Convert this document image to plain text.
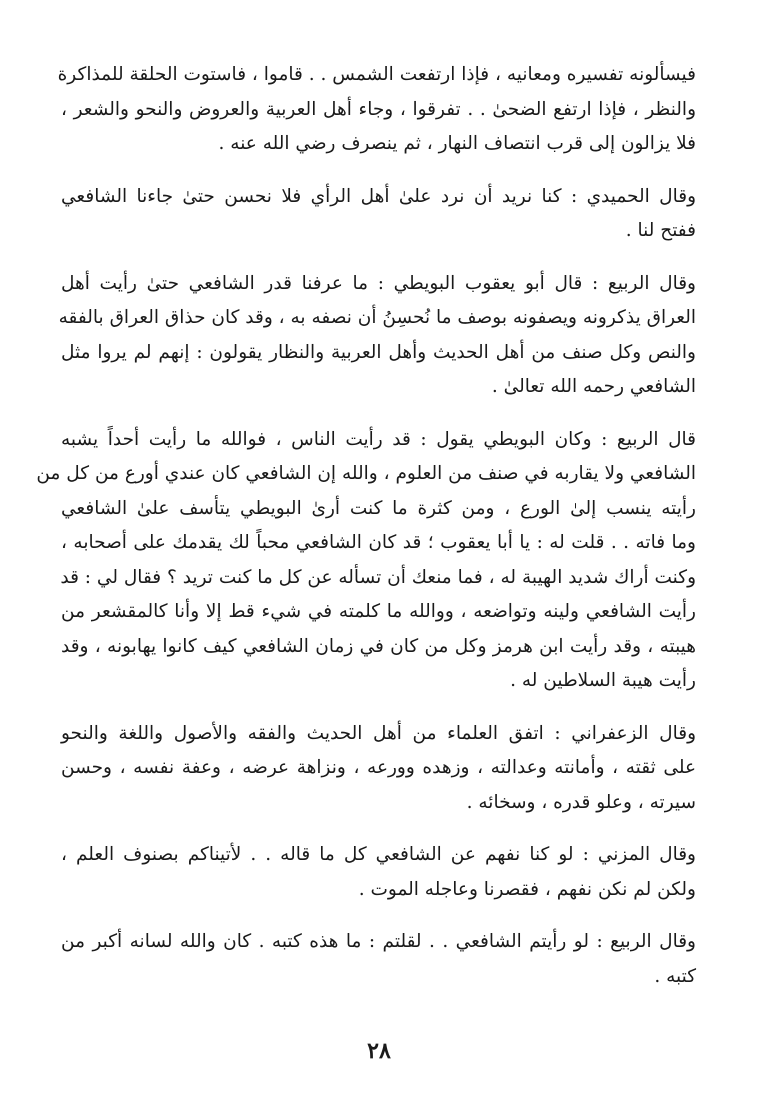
فيسألونه تفسيره ومعانيه ، فإذا ارتفعت الشمس . . قاموا ، فاستوت الحلقة للمذاكرة
والنظر ، فإذا ارتفع الضحىٰ . . تفرقوا ، وجاء أهل العربية والعروض والنحو والشعر ،
فلا يزالون إلى قرب انتصاف النهار ، ثم ينصرف رضي الله عنه .

وقال الحميدي : كنا نريد أن نرد علىٰ أهل الرأي فلا نحسن حتىٰ جاءنا الشافعي
ففتح لنا .

وقال الربيع : قال أبو يعقوب البويطي : ما عرفنا قدر الشافعي حتىٰ رأيت أهل
العراق يذكرونه ويصفونه بوصف ما نُحسِنُ أن نصفه به ، وقد كان حذاق العراق بالفقه
والنص وكل صنف من أهل الحديث وأهل العربية والنظار يقولون : إنهم لم يروا مثل
الشافعي رحمه الله تعالىٰ .

قال الربيع : وكان البويطي يقول : قد رأيت الناس ، فوالله ما رأيت أحداً يشبه
الشافعي ولا يقاربه في صنف من العلوم ، والله إن الشافعي كان عندي أورع من كل من
رأيته ينسب إلىٰ الورع ، ومن كثرة ما كنت أرىٰ البويطي يتأسف علىٰ الشافعي
وما فاته . . قلت له : يا أبا يعقوب ؛ قد كان الشافعي محباً لك يقدمك على أصحابه ،
وكنت أراك شديد الهيبة له ، فما منعك أن تسأله عن كل ما كنت تريد ؟ فقال لي : قد
رأيت الشافعي ولينه وتواضعه ، ووالله ما كلمته في شيء قط إلا وأنا كالمقشعر من
هيبته ، وقد رأيت ابن هرمز وكل من كان في زمان الشافعي كيف كانوا يهابونه ، وقد
رأيت هيبة السلاطين له .

وقال الزعفراني : اتفق العلماء من أهل الحديث والفقه والأصول واللغة والنحو
على ثقته ، وأمانته وعدالته ، وزهده وورعه ، ونزاهة عرضه ، وعفة نفسه ، وحسن
سيرته ، وعلو قدره ، وسخائه .

وقال المزني : لو كنا نفهم عن الشافعي كل ما قاله . . لأتيناكم بصنوف العلم ،
ولكن لم نكن نفهم ، فقصرنا وعاجله الموت .

وقال الربيع : لو رأيتم الشافعي . . لقلتم : ما هذه كتبه . كان والله لسانه أكبر من
كتبه .

٢٨
